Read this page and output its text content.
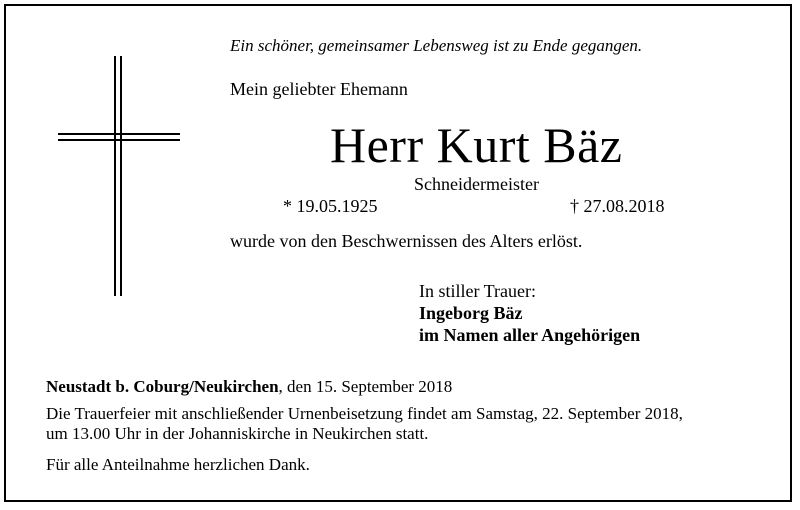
Ein schöner, gemeinsamer Lebensweg ist zu Ende gegangen.
Mein geliebter Ehemann
Herr Kurt Bäz
Schneidermeister
* 19.05.1925	† 27.08.2018
wurde von den Beschwernissen des Alters erlöst.
In stiller Trauer:
Ingeborg Bäz
im Namen aller Angehörigen
Neustadt b. Coburg/Neukirchen, den 15. September 2018
Die Trauerfeier mit anschließender Urnenbeisetzung findet am Samstag, 22. September 2018,
um 13.00 Uhr in der Johanniskirche in Neukirchen statt.
Für alle Anteilnahme herzlichen Dank.
